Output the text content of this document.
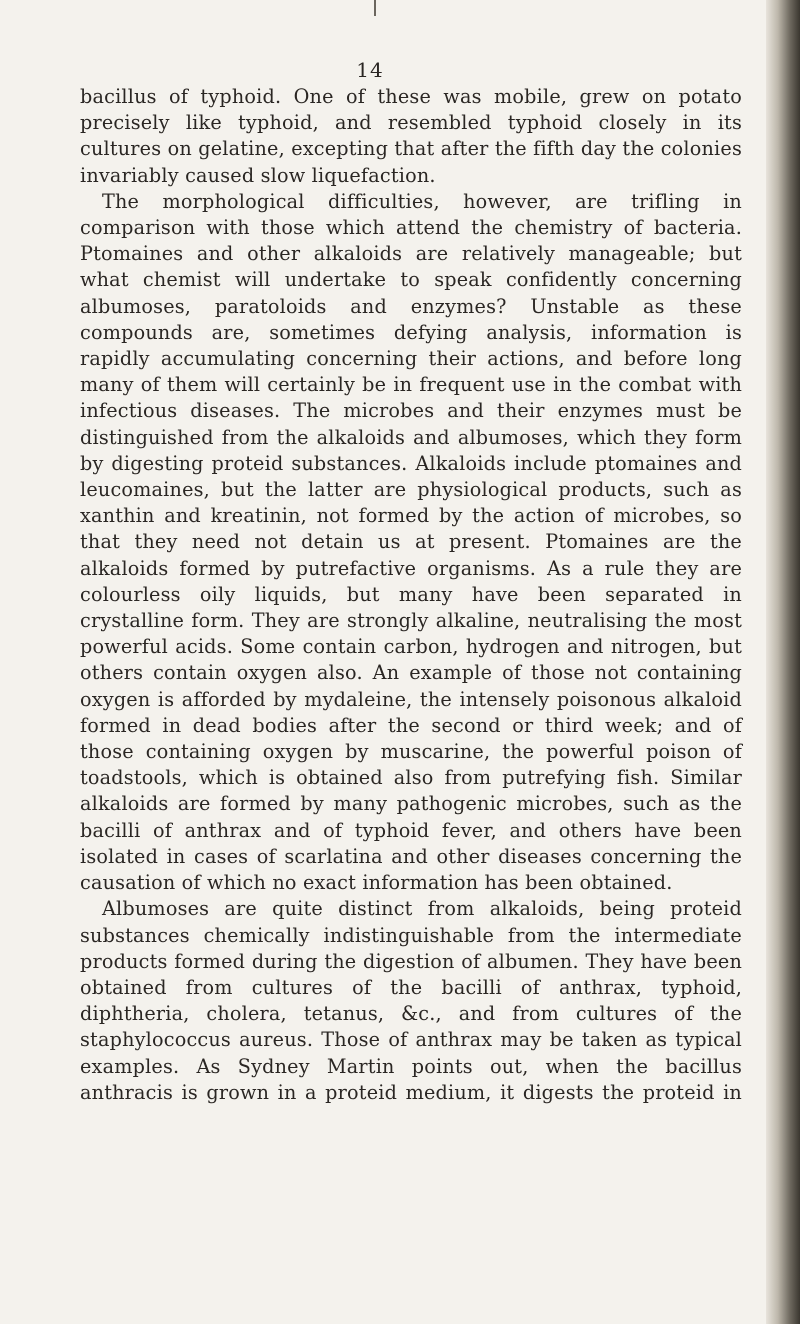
14

bacillus of typhoid. One of these was mobile, grew on potato precisely like typhoid, and resembled typhoid closely in its cultures on gelatine, excepting that after the fifth day the colonies invariably caused slow liquefaction.

The morphological difficulties, however, are trifling in comparison with those which attend the chemistry of bacteria. Ptomaines and other alkaloids are relatively manageable; but what chemist will undertake to speak confidently concerning albumoses, paratoloids and enzymes? Unstable as these compounds are, sometimes defying analysis, information is rapidly accumulating concerning their actions, and before long many of them will certainly be in frequent use in the combat with infectious diseases. The microbes and their enzymes must be distinguished from the alkaloids and albumoses, which they form by digesting proteid substances. Alkaloids include ptomaines and leucomaines, but the latter are physiological products, such as xanthin and kreatinin, not formed by the action of microbes, so that they need not detain us at present. Ptomaines are the alkaloids formed by putrefactive organisms. As a rule they are colourless oily liquids, but many have been separated in crystalline form. They are strongly alkaline, neutralising the most powerful acids. Some contain carbon, hydrogen and nitrogen, but others contain oxygen also. An example of those not containing oxygen is afforded by mydaleine, the intensely poisonous alkaloid formed in dead bodies after the second or third week; and of those containing oxygen by muscarine, the powerful poison of toadstools, which is obtained also from putrefying fish. Similar alkaloids are formed by many pathogenic microbes, such as the bacilli of anthrax and of typhoid fever, and others have been isolated in cases of scarlatina and other diseases concerning the causation of which no exact information has been obtained.

Albumoses are quite distinct from alkaloids, being proteid substances chemically indistinguishable from the intermediate products formed during the digestion of albumen. They have been obtained from cultures of the bacilli of anthrax, typhoid, diphtheria, cholera, tetanus, &c., and from cultures of the staphylococcus aureus. Those of anthrax may be taken as typical examples. As Sydney Martin points out, when the bacillus anthracis is grown in a proteid medium, it digests the proteid in
